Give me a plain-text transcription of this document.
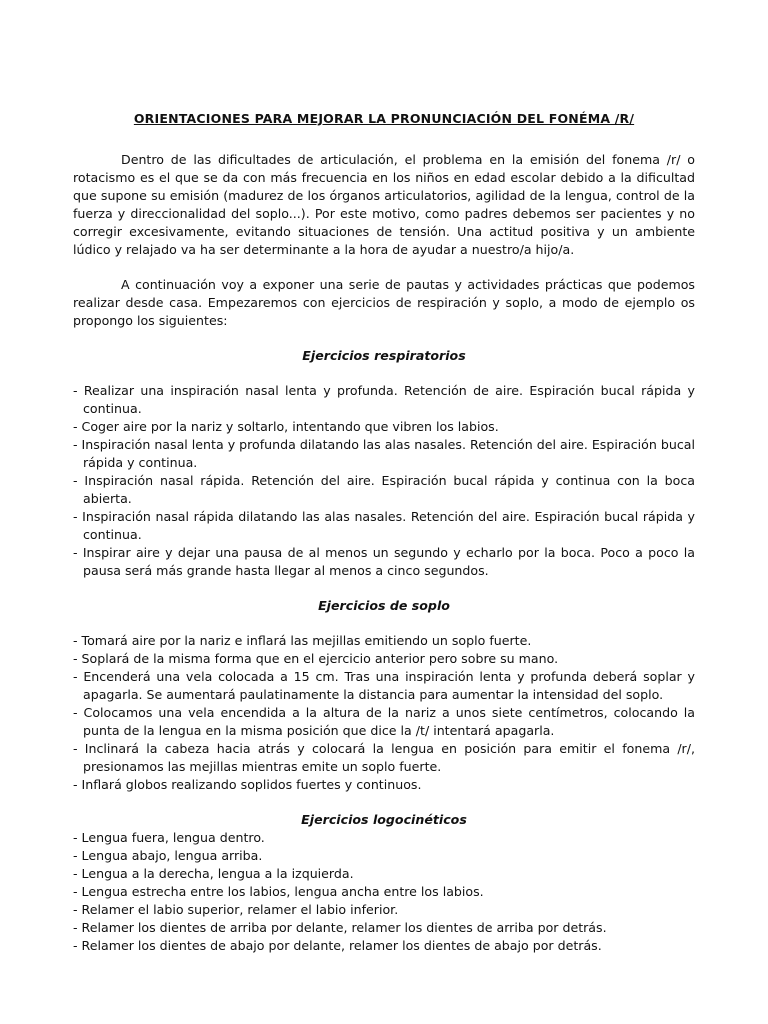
ORIENTACIONES PARA MEJORAR LA PRONUNCIACIÓN DEL FONÉMA /R/

Dentro de las dificultades de articulación, el problema en la emisión del fonema /r/ o rotacismo es el que se da con más frecuencia en los niños en edad escolar debido a la dificultad que supone su emisión (madurez de los órganos articulatorios, agilidad de la lengua, control de la fuerza y direccionalidad del soplo...). Por este motivo, como padres debemos ser pacientes y no corregir excesivamente, evitando situaciones de tensión. Una actitud positiva y un ambiente lúdico y relajado va ha ser determinante a la hora de ayudar a nuestro/a hijo/a.

A continuación voy a exponer una serie de pautas y actividades prácticas que podemos realizar desde casa. Empezaremos con ejercicios de respiración y soplo, a modo de ejemplo os propongo los siguientes:

Ejercicios respiratorios
- Realizar una inspiración nasal lenta y profunda. Retención de aire. Espiración bucal rápida y continua.
- Coger aire por la nariz y soltarlo, intentando que vibren los labios.
- Inspiración nasal lenta y profunda dilatando las alas nasales. Retención del aire. Espiración bucal rápida y continua.
- Inspiración nasal rápida. Retención del aire. Espiración bucal rápida y continua con la boca abierta.
- Inspiración nasal rápida dilatando las alas nasales. Retención del aire. Espiración bucal rápida y continua.
- Inspirar aire y dejar una pausa de al menos un segundo y echarlo por la boca. Poco a poco la pausa será más grande hasta llegar al menos a cinco segundos.
Ejercicios de soplo
- Tomará aire por la nariz e inflará las mejillas emitiendo un soplo fuerte.
- Soplará de la misma forma que en el ejercicio anterior pero sobre su mano.
- Encenderá una vela colocada a 15 cm. Tras una inspiración lenta y profunda deberá soplar y apagarla. Se aumentará paulatinamente la distancia para aumentar la intensidad del soplo.
- Colocamos una vela encendida a la altura de la nariz a unos siete centímetros, colocando la punta de la lengua en la misma posición que dice la /t/ intentará apagarla.
- Inclinará la cabeza hacia atrás y colocará la lengua en posición para emitir el fonema /r/, presionamos las mejillas mientras emite un soplo fuerte.
- Inflará globos realizando soplidos fuertes y continuos.
Ejercicios logocinéticos
- Lengua fuera, lengua dentro.
- Lengua abajo, lengua arriba.
- Lengua a la derecha, lengua a la izquierda.
- Lengua estrecha entre los labios, lengua ancha entre los labios.
- Relamer el labio superior, relamer el labio inferior.
- Relamer los dientes de arriba por delante, relamer los dientes de arriba por detrás.
- Relamer los dientes de abajo por delante, relamer los dientes de abajo por detrás.
